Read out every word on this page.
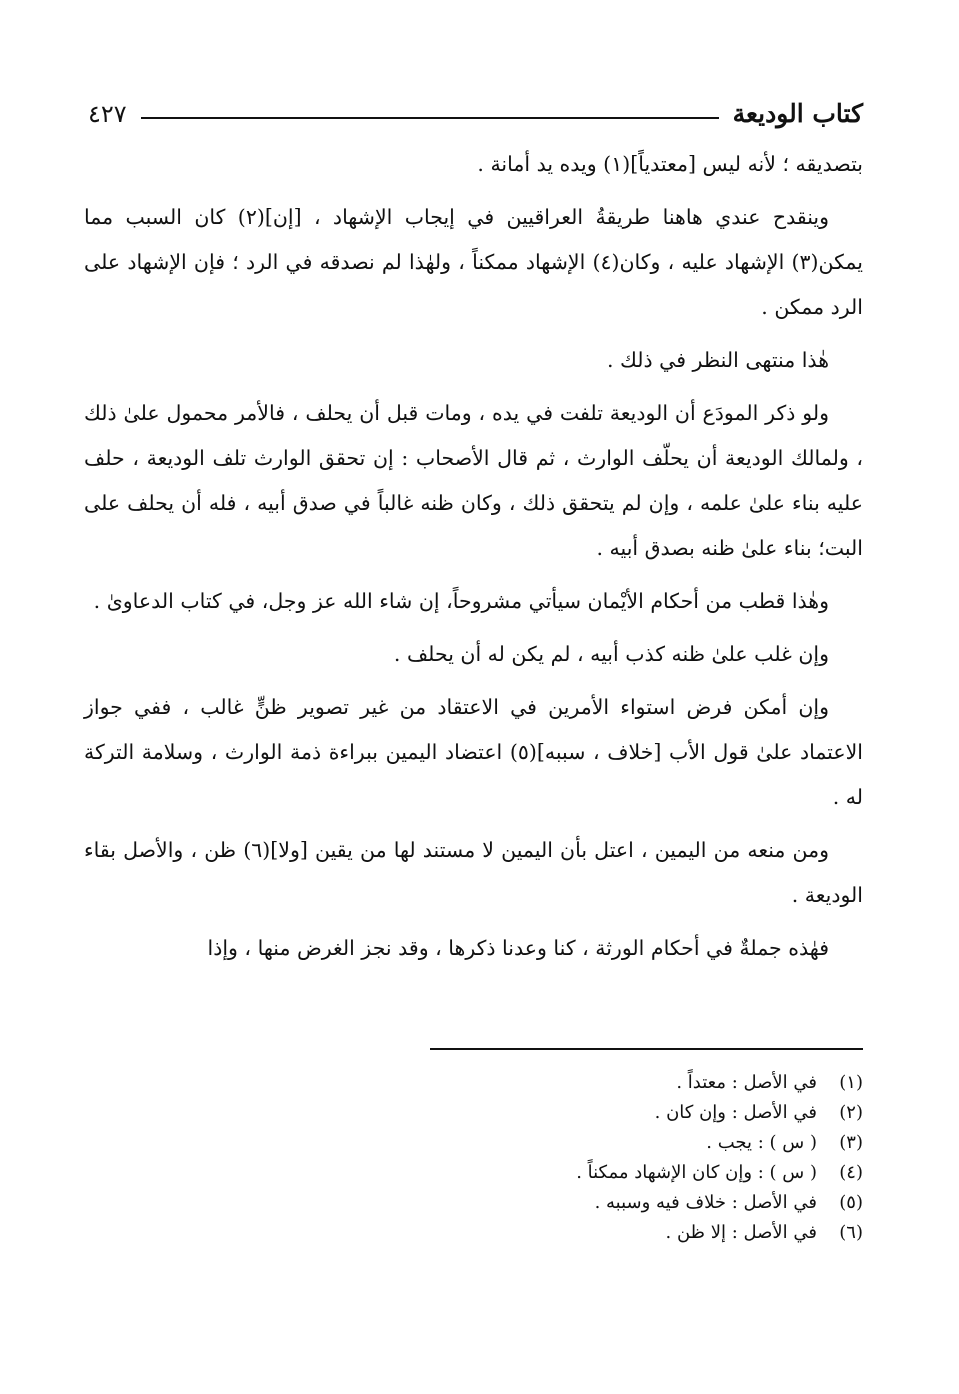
كتاب الوديعة
٤٢٧

بتصديقه ؛ لأنه ليس [معتدياً](١) ويده يد أمانة .

وينقدح عندي هاهنا طريقةُ العراقيين في إيجاب الإشهاد ، [إن](٢) كان السبب مما يمكن(٣) الإشهاد عليه ، وكان(٤) الإشهاد ممكناً ، ولهٰذا لم نصدقه في الرد ؛ فإن الإشهاد على الرد ممكن .

هٰذا منتهى النظر في ذلك .

ولو ذكر المودَع أن الوديعة تلفت في يده ، ومات قبل أن يحلف ، فالأمر محمول علىٰ ذلك ، ولمالك الوديعة أن يحلّف الوارث ، ثم قال الأصحاب : إن تحقق الوارث تلف الوديعة ، حلف عليه بناء علىٰ علمه ، وإن لم يتحقق ذلك ، وكان ظنه غالباً في صدق أبيه ، فله أن يحلف على البت؛ بناء علىٰ ظنه بصدق أبيه .

وهٰذا قطب من أحكام الأيْمان سيأتي مشروحاً، إن شاء الله عز وجل، في كتاب الدعاوىٰ .

وإن غلب علىٰ ظنه كذب أبيه ، لم يكن له أن يحلف .

وإن أمكن فرض استواء الأمرين في الاعتقاد من غير تصوير ظنٍّ غالب ، ففي جواز الاعتماد علىٰ قول الأب [خلاف ، سببه](٥) اعتضاد اليمين ببراءة ذمة الوارث ، وسلامة التركة له .

ومن منعه من اليمين ، اعتل بأن اليمين لا مستند لها من يقين [ولا](٦) ظن ، والأصل بقاء الوديعة .

فهٰذه جملةٌ في أحكام الورثة ، كنا وعدنا ذكرها ، وقد نجز الغرض منها ، وإذا

(١)
في الأصل : معتداً .
(٢)
في الأصل : وإن كان .
(٣)
( س ) : يجب .
(٤)
( س ) : وإن كان الإشهاد ممكناً .
(٥)
في الأصل : خلاف فيه وسببه .
(٦)
في الأصل : إلا ظن .
